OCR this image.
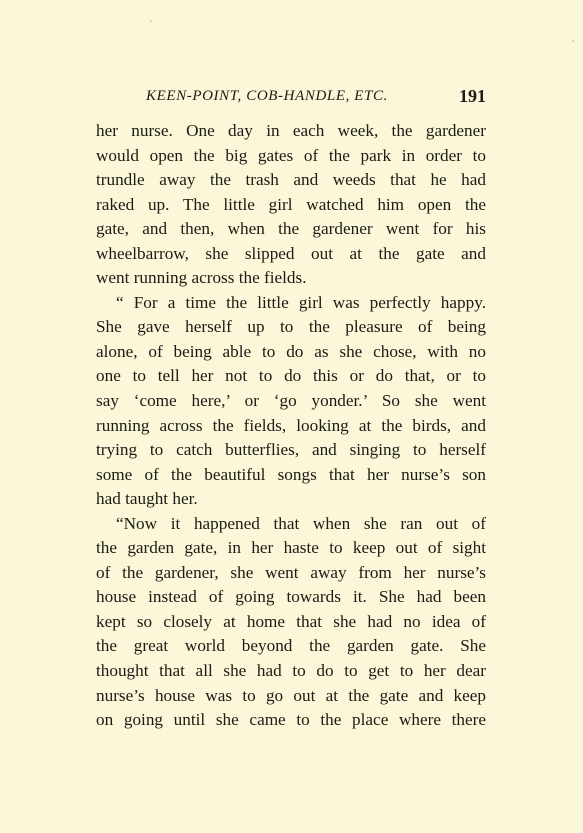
KEEN-POINT, COB-HANDLE, ETC.	191
her nurse. One day in each week, the gardener
would open the big gates of the park in order to
trundle away the trash and weeds that he had
raked up. The little girl watched him open the
gate, and then, when the gardener went for his
wheelbarrow, she slipped out at the gate and
went running across the fields.
“ For a time the little girl was perfectly happy.
She gave herself up to the pleasure of being
alone, of being able to do as she chose, with no
one to tell her not to do this or do that, or to
say ‘come here,’ or ‘go yonder.’ So she went
running across the fields, looking at the birds, and
trying to catch butterflies, and singing to herself
some of the beautiful songs that her nurse’s son
had taught her.
“Now it happened that when she ran out of
the garden gate, in her haste to keep out of sight
of the gardener, she went away from her nurse’s
house instead of going towards it. She had been
kept so closely at home that she had no idea of
the great world beyond the garden gate. She
thought that all she had to do to get to her dear
nurse’s house was to go out at the gate and keep
on going until she came to the place where there
